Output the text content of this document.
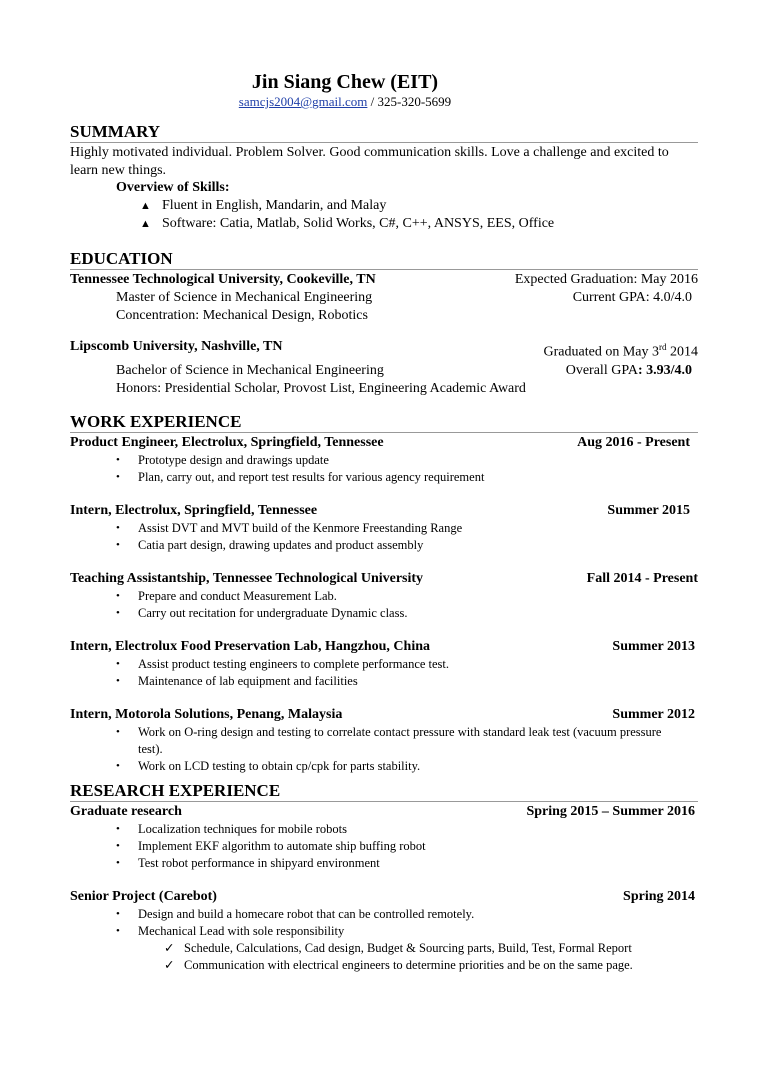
Jin Siang Chew (EIT)
samcjs2004@gmail.com / 325-320-5699
SUMMARY
Highly motivated individual. Problem Solver. Good communication skills. Love a challenge and excited to learn new things.
Overview of Skills:
▲ Fluent in English, Mandarin, and Malay
▲ Software: Catia, Matlab, Solid Works, C#, C++, ANSYS, EES, Office
EDUCATION
Tennessee Technological University, Cookeville, TN	Expected Graduation: May 2016
Master of Science in Mechanical Engineering	Current GPA: 4.0/4.0
Concentration: Mechanical Design, Robotics
Lipscomb University, Nashville, TN	Graduated on May 3rd 2014
Bachelor of Science in Mechanical Engineering	Overall GPA: 3.93/4.0
Honors: Presidential Scholar, Provost List, Engineering Academic Award
WORK EXPERIENCE
Product Engineer, Electrolux, Springfield, Tennessee	Aug 2016 - Present
•	Prototype design and drawings update
•	Plan, carry out, and report test results for various agency requirement
Intern, Electrolux, Springfield, Tennessee	Summer 2015
•	Assist DVT and MVT build of the Kenmore Freestanding Range
•	Catia part design, drawing updates and product assembly
Teaching Assistantship, Tennessee Technological University	Fall 2014 - Present
•	Prepare and conduct Measurement Lab.
•	Carry out recitation for undergraduate Dynamic class.
Intern, Electrolux Food Preservation Lab, Hangzhou, China	Summer 2013
•	Assist product testing engineers to complete performance test.
•	Maintenance of lab equipment and facilities
Intern, Motorola Solutions, Penang, Malaysia	Summer 2012
•	Work on O-ring design and testing to correlate contact pressure with standard leak test (vacuum pressure test).
•	Work on LCD testing to obtain cp/cpk for parts stability.
RESEARCH EXPERIENCE
Graduate research	Spring 2015 – Summer 2016
•	Localization techniques for mobile robots
•	Implement EKF algorithm to automate ship buffing robot
•	Test robot performance in shipyard environment
Senior Project (Carebot)	Spring 2014
•	Design and build a homecare robot that can be controlled remotely.
•	Mechanical Lead with sole responsibility
✓ Schedule, Calculations, Cad design, Budget & Sourcing parts, Build, Test, Formal Report
✓ Communication with electrical engineers to determine priorities and be on the same page.
